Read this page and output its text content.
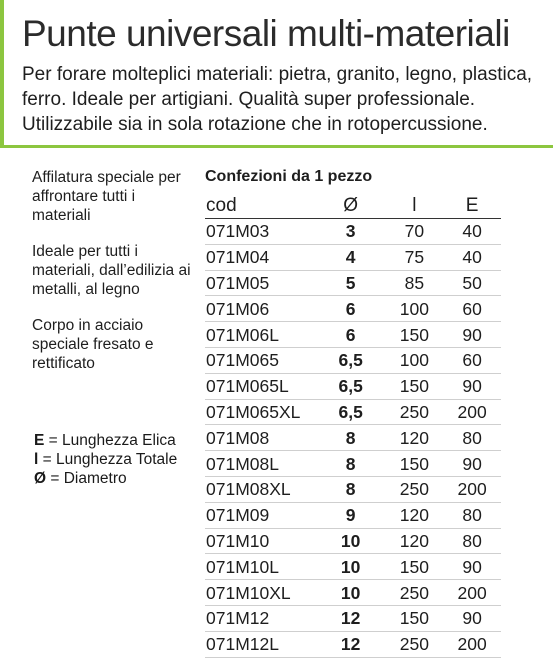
Punte universali multi-materiali
Per forare molteplici materiali: pietra, granito, legno, plastica, ferro. Ideale per artigiani. Qualità super professionale. Utilizzabile sia in sola rotazione che in rotopercussione.
Affilatura speciale per affrontare tutti i materiali
Ideale per tutti i materiali, dall’edilizia ai metalli, al legno
Corpo in acciaio speciale fresato e rettificato
E = Lunghezza Elica
l = Lunghezza Totale
Ø = Diametro
Confezioni da 1 pezzo
cod	Ø	l	E
071M03	3	70	40
071M04	4	75	40
071M05	5	85	50
071M06	6	100	60
071M06L	6	150	90
071M065	6,5	100	60
071M065L	6,5	150	90
071M065XL	6,5	250	200
071M08	8	120	80
071M08L	8	150	90
071M08XL	8	250	200
071M09	9	120	80
071M10	10	120	80
071M10L	10	150	90
071M10XL	10	250	200
071M12	12	150	90
071M12L	12	250	200
